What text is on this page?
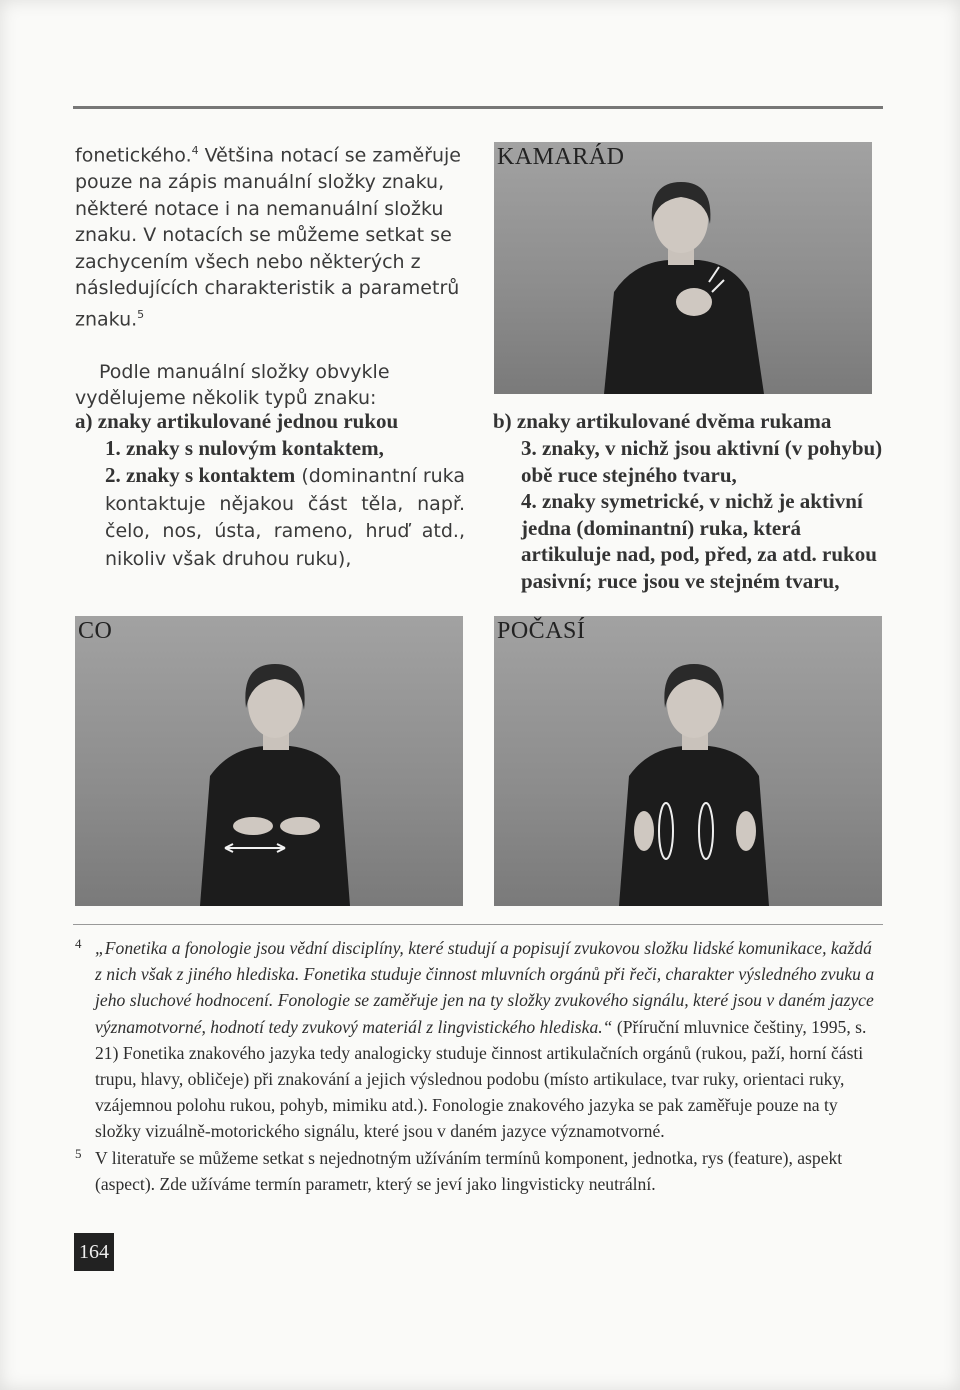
fonetického.$^4$ Většina notací se zaměřuje pouze na zápis manuální složky znaku, některé notace i na nemanuální složku znaku. V notacích se můžeme setkat se zachycením všech nebo některých z následujících charakteristik a parametrů znaku.$^5$

Podle manuální složky obvykle vydělujeme několik typů znaku:

a) znaky artikulované jednou rukou
1. znaky s nulovým kontaktem,
2. znaky s kontaktem (dominantní ruka kontaktuje nějakou část těla, např. čelo, nos, ústa, rameno, hruď atd., nikoliv však druhou ruku),
b) znaky artikulované dvěma rukama
3. znaky, v nichž jsou aktivní (v pohybu) obě ruce stejného tvaru,
4. znaky symetrické, v nichž je aktivní jedna (dominantní) ruka, která artikuluje nad, pod, před, za atd. rukou pasivní; ruce jsou ve stejném tvaru,
KAMARÁD
CO	POČASÍ
4 „Fonetika a fonologie jsou vědní disciplíny, které studují a popisují zvukovou složku lidské komunikace, každá z nich však z jiného hlediska. Fonetika studuje činnost mluvních orgánů při řeči, charakter výsledného zvuku a jeho sluchové hodnocení. Fonologie se zaměřuje jen na ty složky zvukového signálu, které jsou v daném jazyce významotvorné, hodnotí tedy zvukový materiál z lingvistického hlediska.“ (Příruční mluvnice češtiny, 1995, s. 21) Fonetika znakového jazyka tedy analogicky studuje činnost artikulačních orgánů (rukou, paží, horní části trupu, hlavy, obličeje) při znakování a jejich výslednou podobu (místo artikulace, tvar ruky, orientaci ruky, vzájemnou polohu rukou, pohyb, mimiku atd.). Fonologie znakového jazyka se pak zaměřuje pouze na ty složky vizuálně-motorického signálu, které jsou v daném jazyce významotvorné.
5 V literatuře se můžeme setkat s nejednotným užíváním termínů komponent, jednotka, rys (feature), aspekt (aspect). Zde užíváme termín parametr, který se jeví jako lingvisticky neutrální.
164
